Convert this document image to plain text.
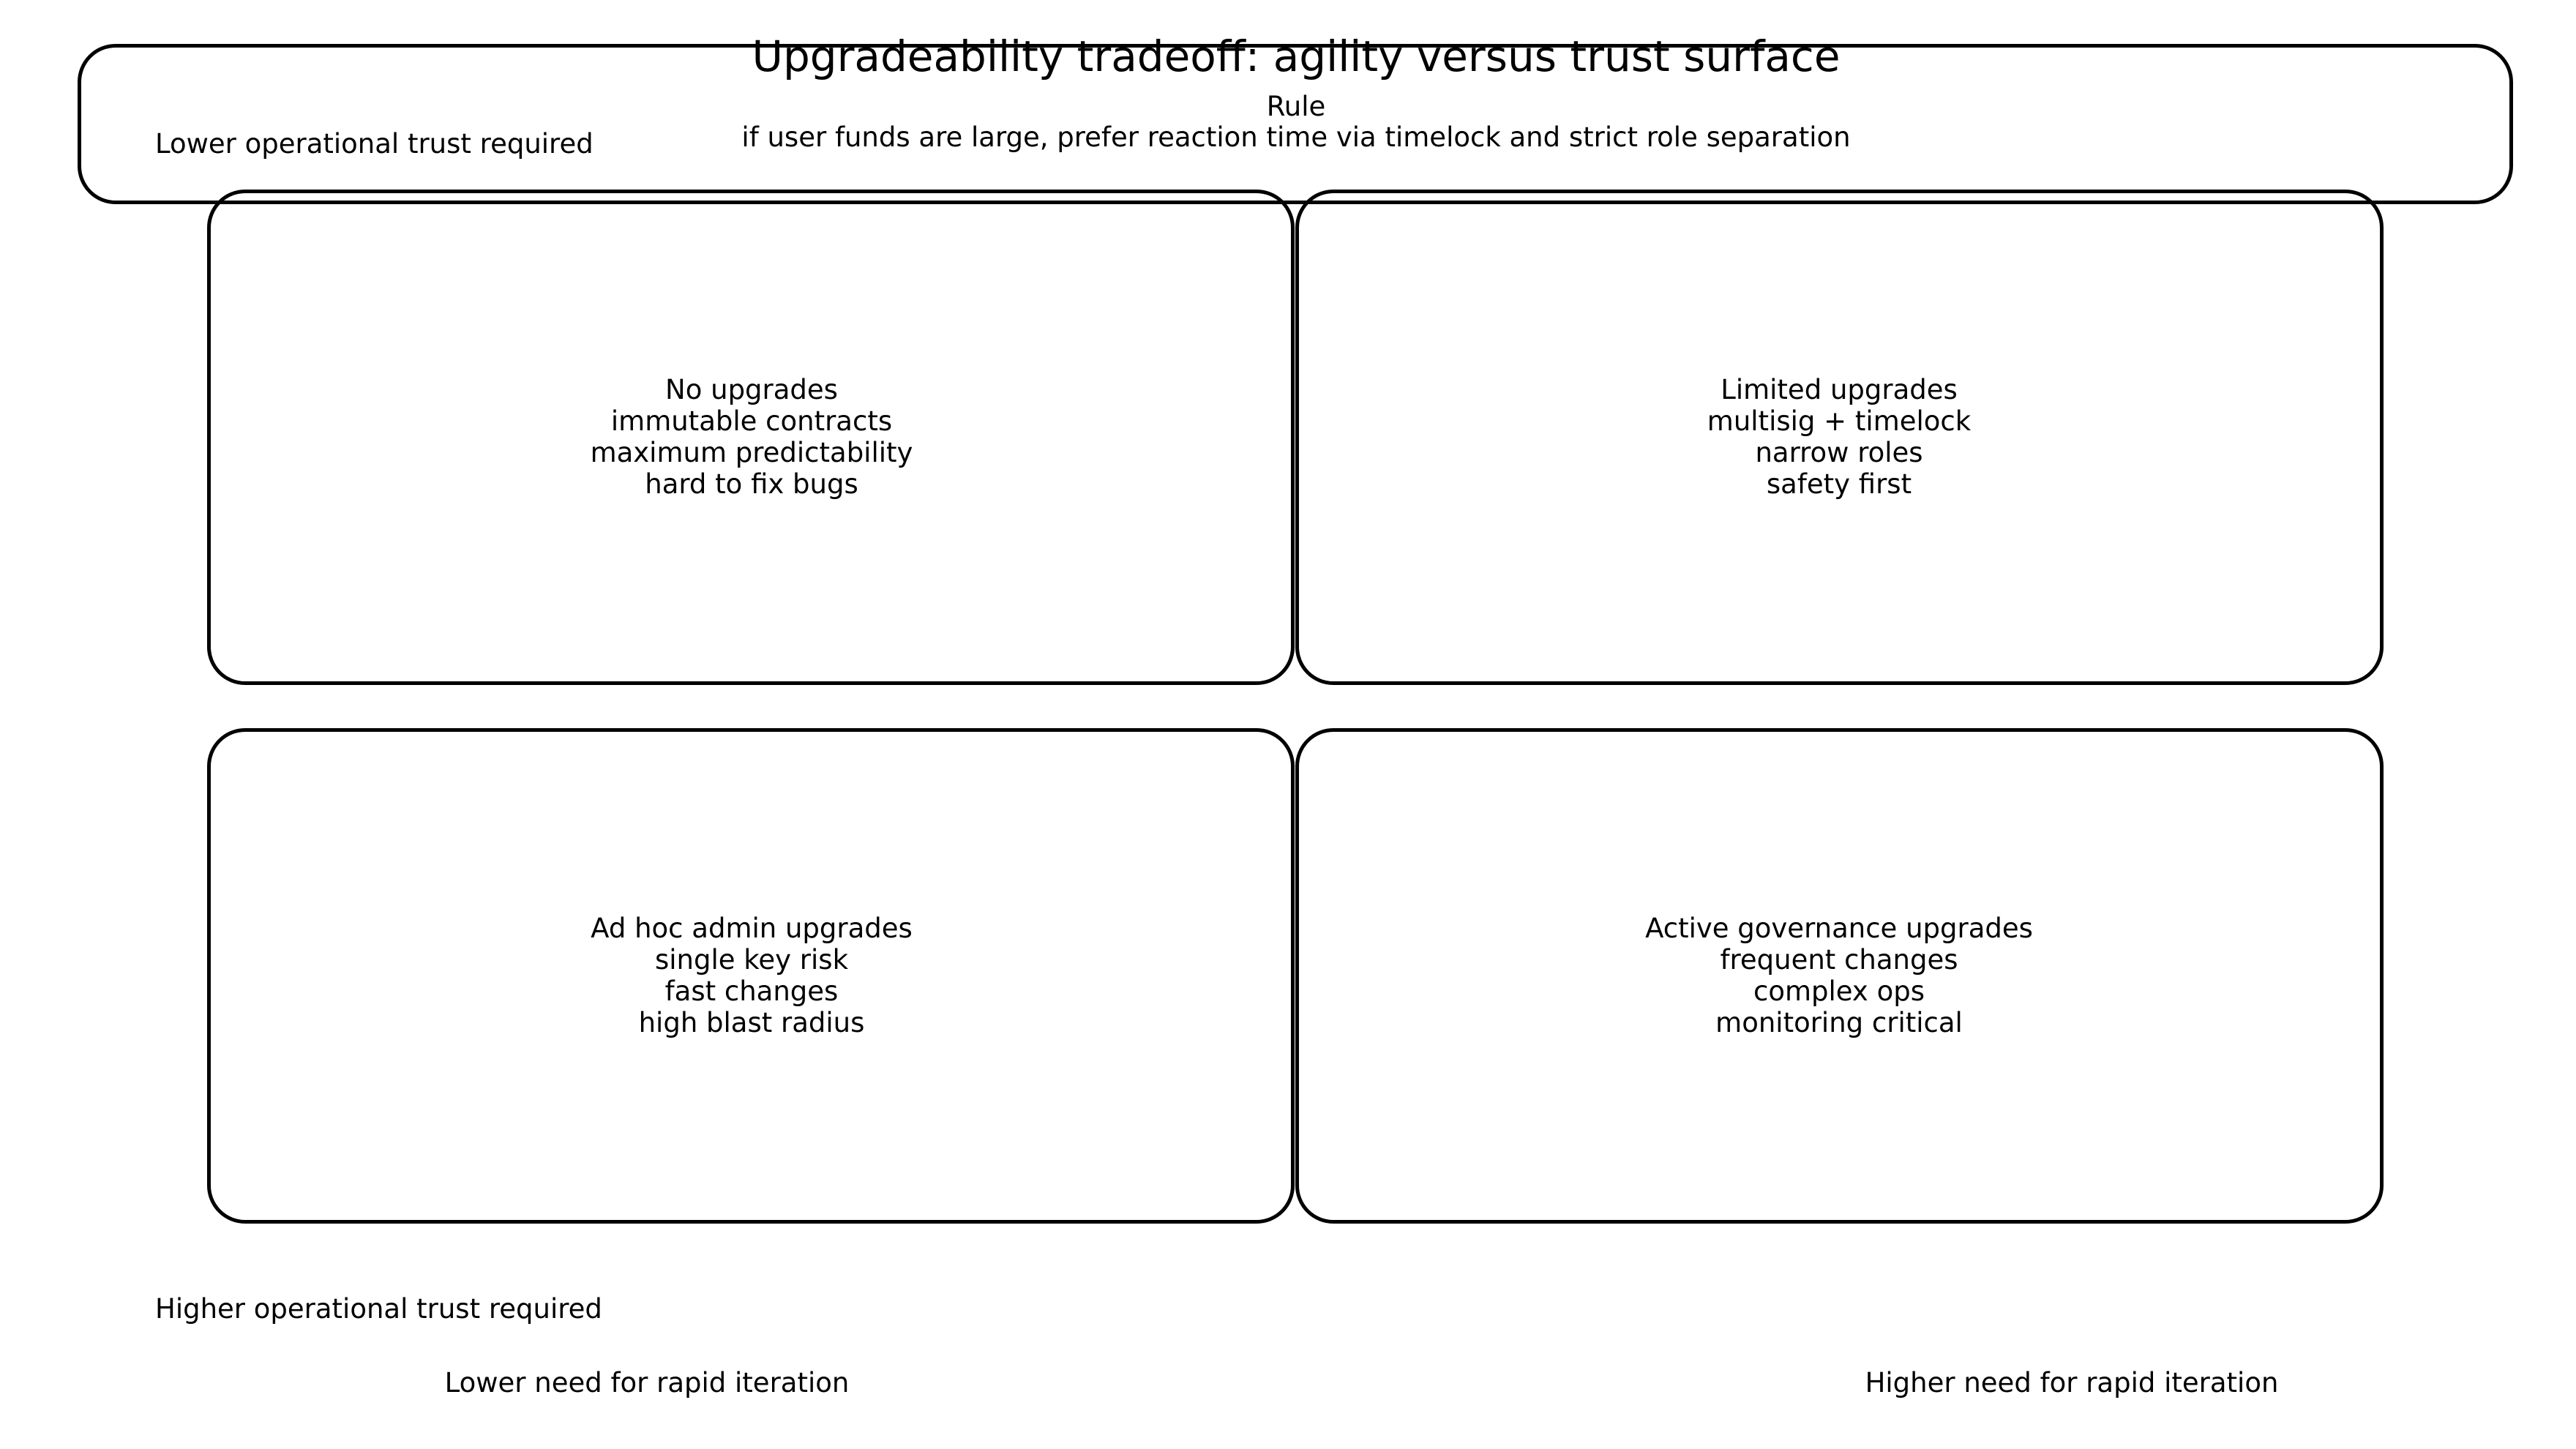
Upgradeability tradeoff: agility versus trust surface
Rule
if user funds are large, prefer reaction time via timelock and strict role separation
Lower operational trust required
No upgrades
immutable contracts
maximum predictability
hard to fix bugs
Limited upgrades
multisig + timelock
narrow roles
safety first
Ad hoc admin upgrades
single key risk
fast changes
high blast radius
Active governance upgrades
frequent changes
complex ops
monitoring critical
Higher operational trust required
Lower need for rapid iteration	Higher need for rapid iteration
